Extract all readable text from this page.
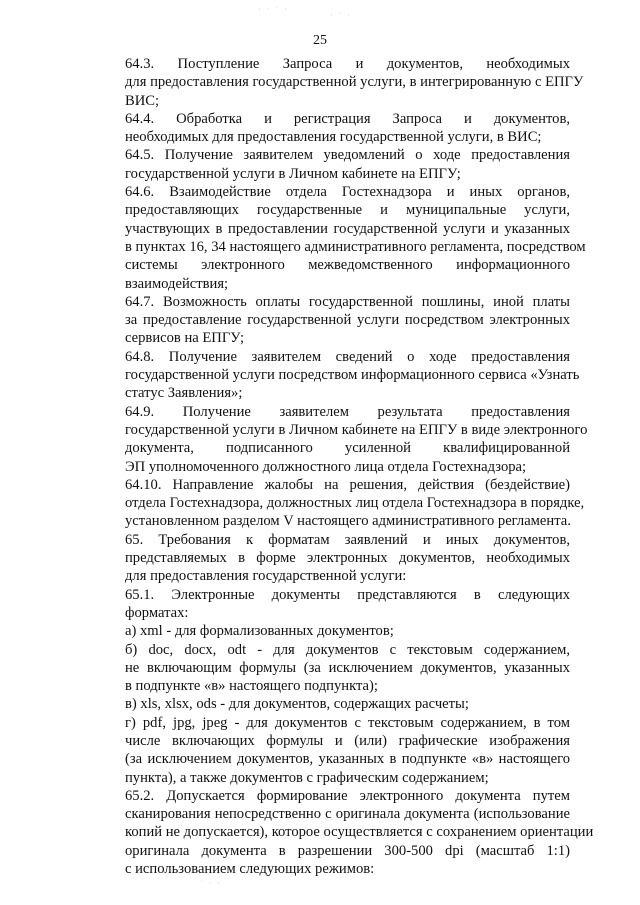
· · ˙ ·
· ˙ ·
˙ · ·
25
64.3. Поступление Запроса и документов, необходимых
для предоставления государственной услуги, в интегрированную с ЕПГУ
ВИС;
64.4. Обработка и регистрация Запроса и документов,
необходимых для предоставления государственной услуги, в ВИС;
64.5. Получение заявителем уведомлений о ходе предоставления
государственной услуги в Личном кабинете на ЕПГУ;
64.6. Взаимодействие отдела Гостехнадзора и иных органов,
предоставляющих государственные и муниципальные услуги,
участвующих в предоставлении государственной услуги и указанных
в пунктах 16, 34 настоящего административного регламента, посредством
системы электронного межведомственного информационного
взаимодействия;
64.7. Возможность оплаты государственной пошлины, иной платы
за предоставление государственной услуги посредством электронных
сервисов на ЕПГУ;
64.8. Получение заявителем сведений о ходе предоставления
государственной услуги посредством информационного сервиса «Узнать
статус Заявления»;
64.9. Получение заявителем результата предоставления
государственной услуги в Личном кабинете на ЕПГУ в виде электронного
документа, подписанного усиленной квалифицированной
ЭП уполномоченного должностного лица отдела Гостехнадзора;
64.10. Направление жалобы на решения, действия (бездействие)
отдела Гостехнадзора, должностных лиц отдела Гостехнадзора в порядке,
установленном разделом V настоящего административного регламента.
65. Требования к форматам заявлений и иных документов,
представляемых в форме электронных документов, необходимых
для предоставления государственной услуги:
65.1. Электронные документы представляются в следующих
форматах:
а) xml - для формализованных документов;
б) doc, docx, odt - для документов с текстовым содержанием,
не включающим формулы (за исключением документов, указанных
в подпункте «в» настоящего подпункта);
в) xls, xlsx, ods - для документов, содержащих расчеты;
г) pdf, jpg, jpeg - для документов с текстовым содержанием, в том
числе включающих формулы и (или) графические изображения
(за исключением документов, указанных в подпункте «в» настоящего
пункта), а также документов с графическим содержанием;
65.2. Допускается формирование электронного документа путем
сканирования непосредственно с оригинала документа (использование
копий не допускается), которое осуществляется с сохранением ориентации
оригинала документа в разрешении 300-500 dpi (масштаб 1:1)
с использованием следующих режимов:
